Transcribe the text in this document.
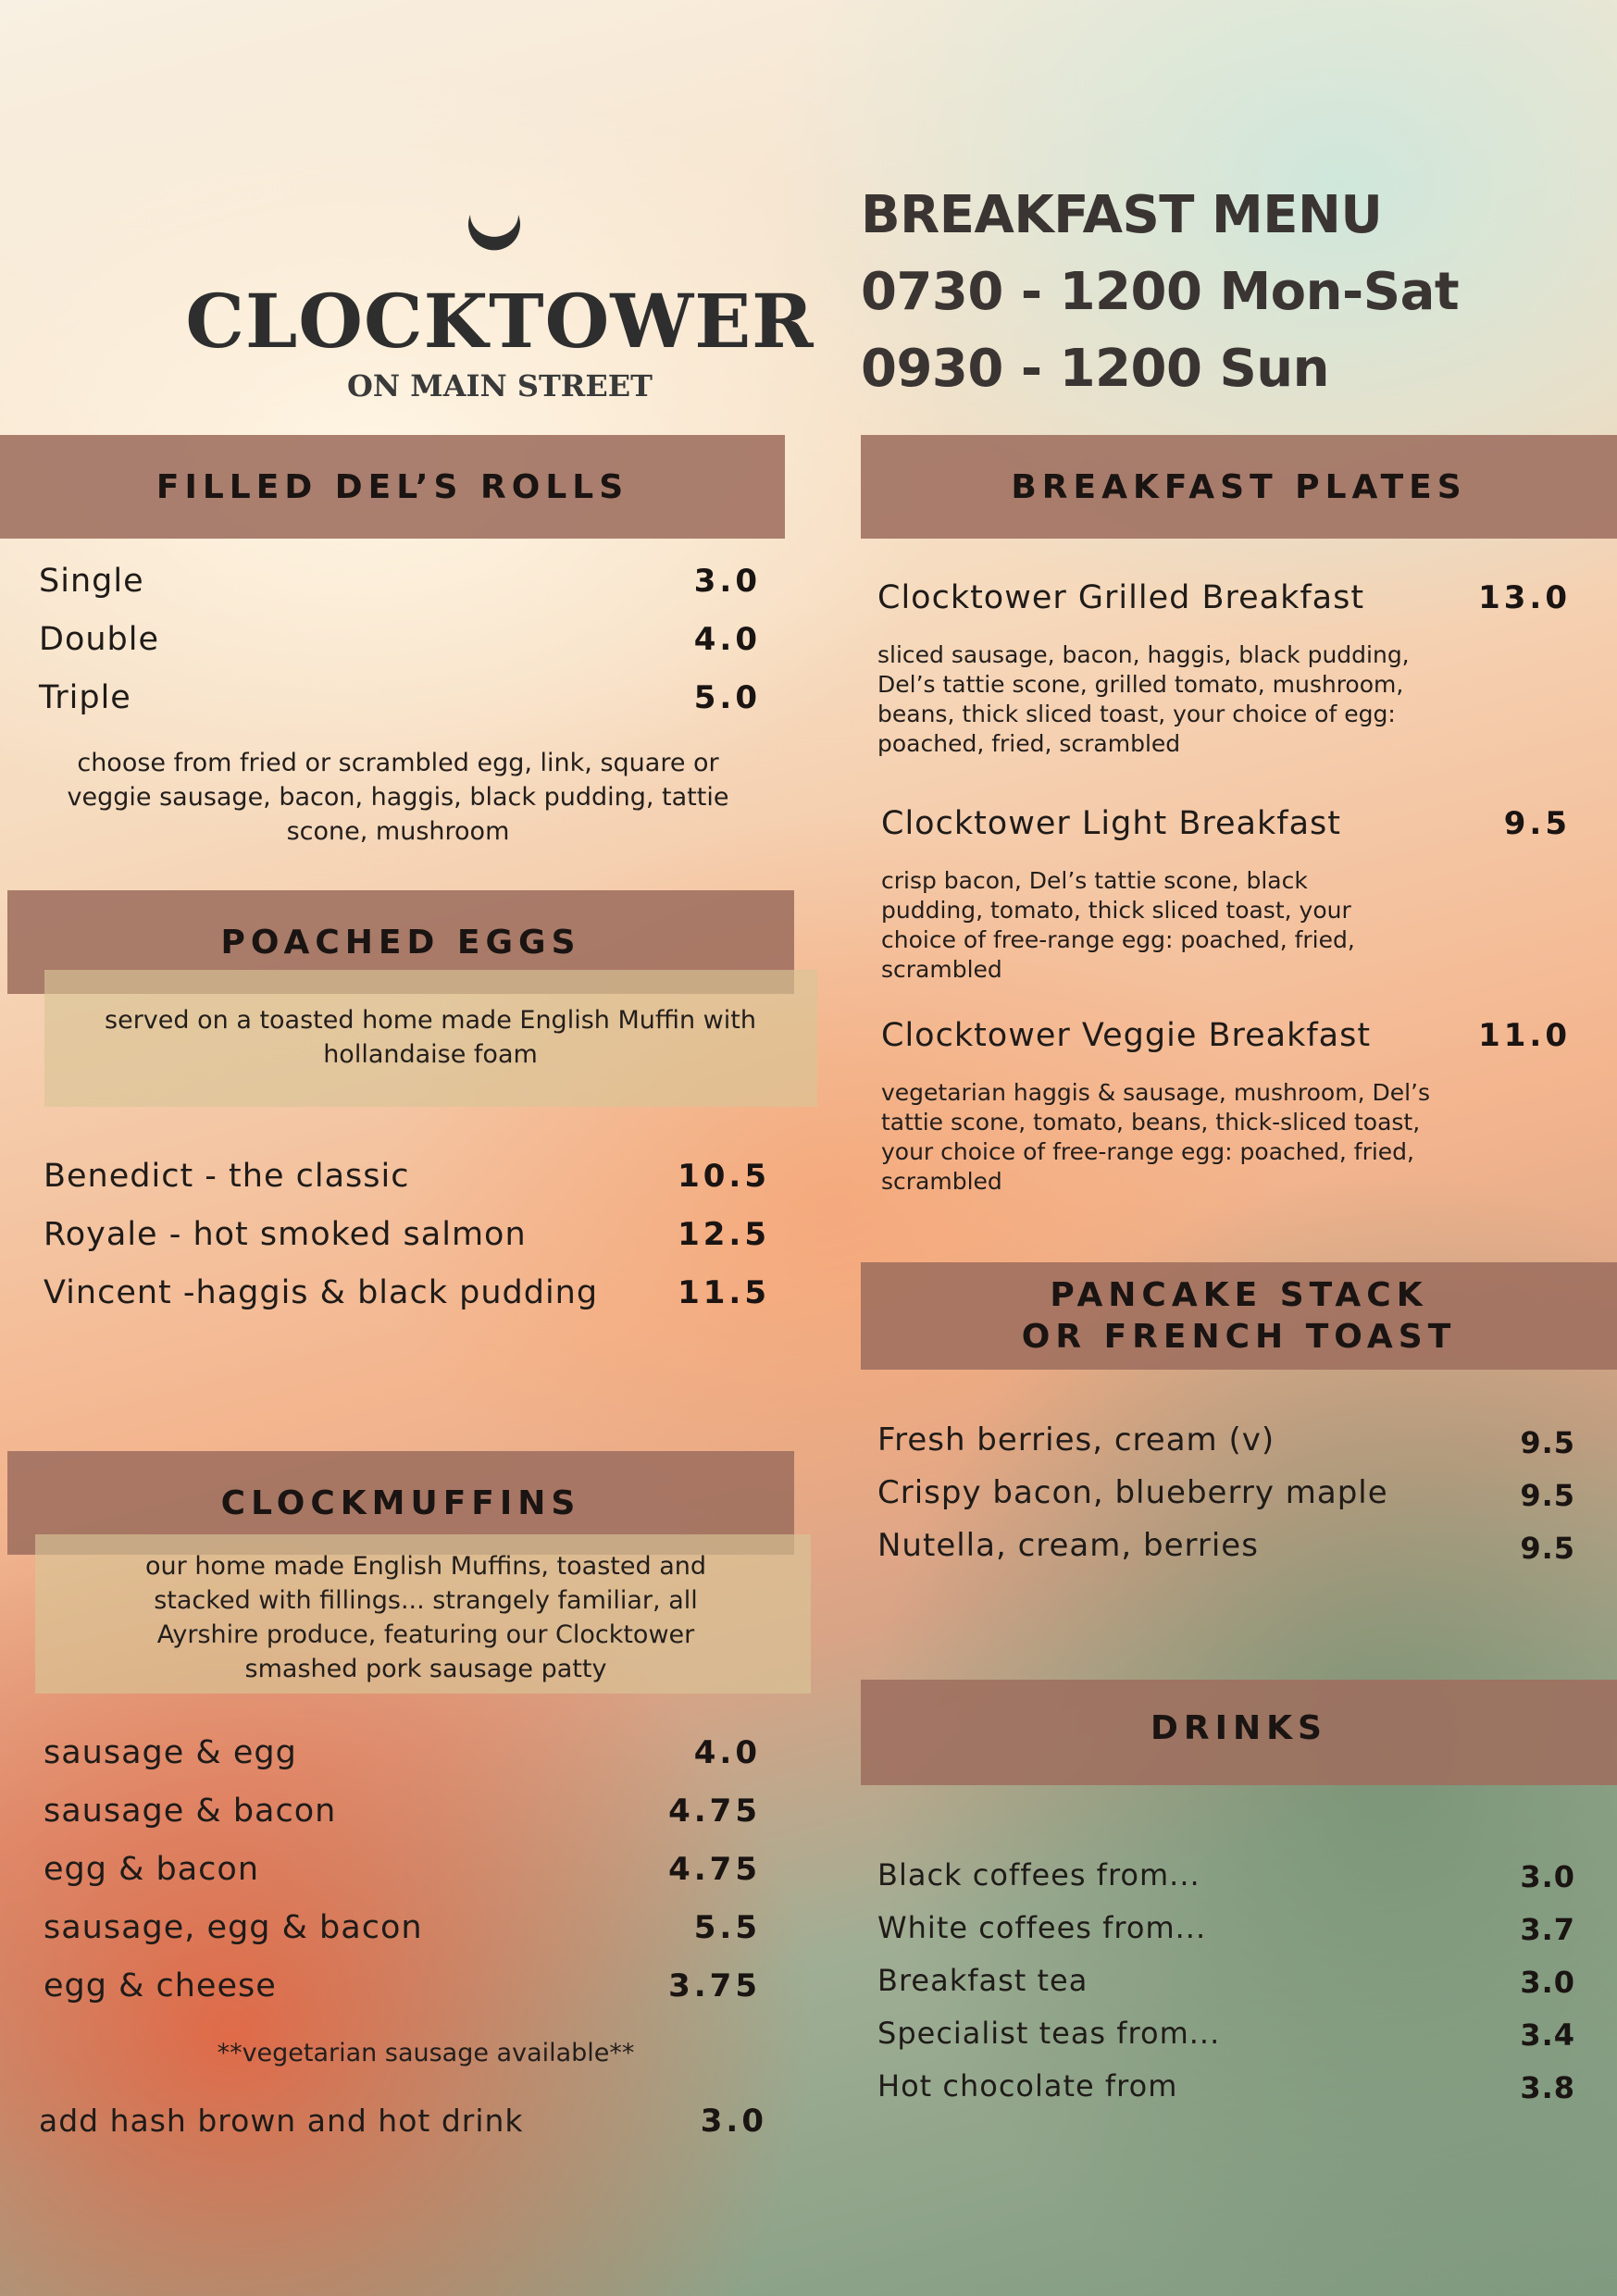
CLOCKTOWER
ON MAIN STREET
BREAKFAST MENU
0730 - 1200 Mon-Sat
0930 - 1200 Sun
FILLED DEL’S ROLLS
Single	3.0
Double	4.0
Triple	5.0
choose from fried or scrambled egg, link, square or veggie sausage, bacon, haggis, black pudding, tattie scone, mushroom
POACHED EGGS
served on a toasted home made English Muffin with hollandaise foam
Benedict - the classic	10.5
Royale - hot smoked salmon	12.5
Vincent -haggis & black pudding	11.5
CLOCKMUFFINS
our home made English Muffins, toasted and stacked with fillings... strangely familiar, all Ayrshire produce, featuring our Clocktower smashed pork sausage patty
sausage & egg	4.0
sausage & bacon	4.75
egg & bacon	4.75
sausage, egg & bacon	5.5
egg & cheese	3.75
**vegetarian sausage available**
add hash brown and hot drink	3.0
BREAKFAST PLATES
Clocktower Grilled Breakfast	13.0
sliced sausage, bacon, haggis, black pudding, Del’s tattie scone, grilled tomato, mushroom, beans, thick sliced toast, your choice of egg: poached, fried, scrambled
Clocktower Light Breakfast	9.5
crisp bacon, Del’s tattie scone, black pudding, tomato, thick sliced toast, your choice of free-range egg: poached, fried, scrambled
Clocktower Veggie Breakfast	11.0
vegetarian haggis & sausage, mushroom, Del’s tattie scone, tomato, beans, thick-sliced toast, your choice of free-range egg: poached, fried, scrambled
PANCAKE STACK
OR FRENCH TOAST
Fresh berries, cream (v)	9.5
Crispy bacon, blueberry maple	9.5
Nutella, cream, berries	9.5
DRINKS
Black coffees from...	3.0
White coffees from...	3.7
Breakfast tea	3.0
Specialist teas from...	3.4
Hot chocolate from	3.8
